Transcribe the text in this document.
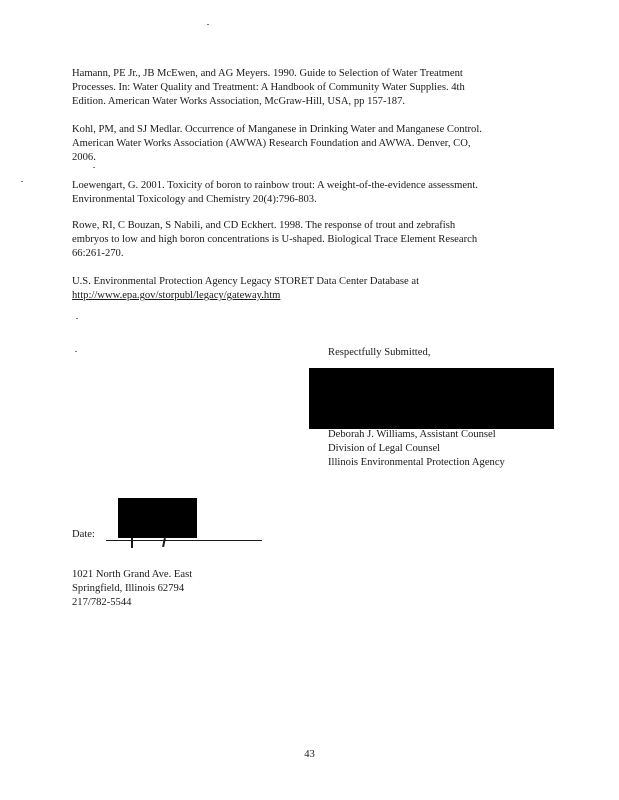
Hamann, PE Jr., JB McEwen, and AG Meyers. 1990. Guide to Selection of Water Treatment
Processes. In: Water Quality and Treatment: A Handbook of Community Water Supplies. 4th
Edition. American Water Works Association, McGraw-Hill, USA, pp 157-187.
Kohl, PM, and SJ Medlar. Occurrence of Manganese in Drinking Water and Manganese Control.
American Water Works Association (AWWA) Research Foundation and AWWA. Denver, CO,
2006.
Loewengart, G. 2001. Toxicity of boron to rainbow trout: A weight-of-the-evidence assessment.
Environmental Toxicology and Chemistry 20(4):796-803.
Rowe, RI, C Bouzan, S Nabili, and CD Eckhert. 1998. The response of trout and zebrafish
embryos to low and high boron concentrations is U-shaped. Biological Trace Element Research
66:261-270.
U.S. Environmental Protection Agency Legacy STORET Data Center Database at
http://www.epa.gov/storpubl/legacy/gateway.htm
Respectfully Submitted,
Deborah J. Williams, Assistant Counsel
Division of Legal Counsel
Illinois Environmental Protection Agency
Date:
1021 North Grand Ave. East
Springfield, Illinois 62794
217/782-5544
43
